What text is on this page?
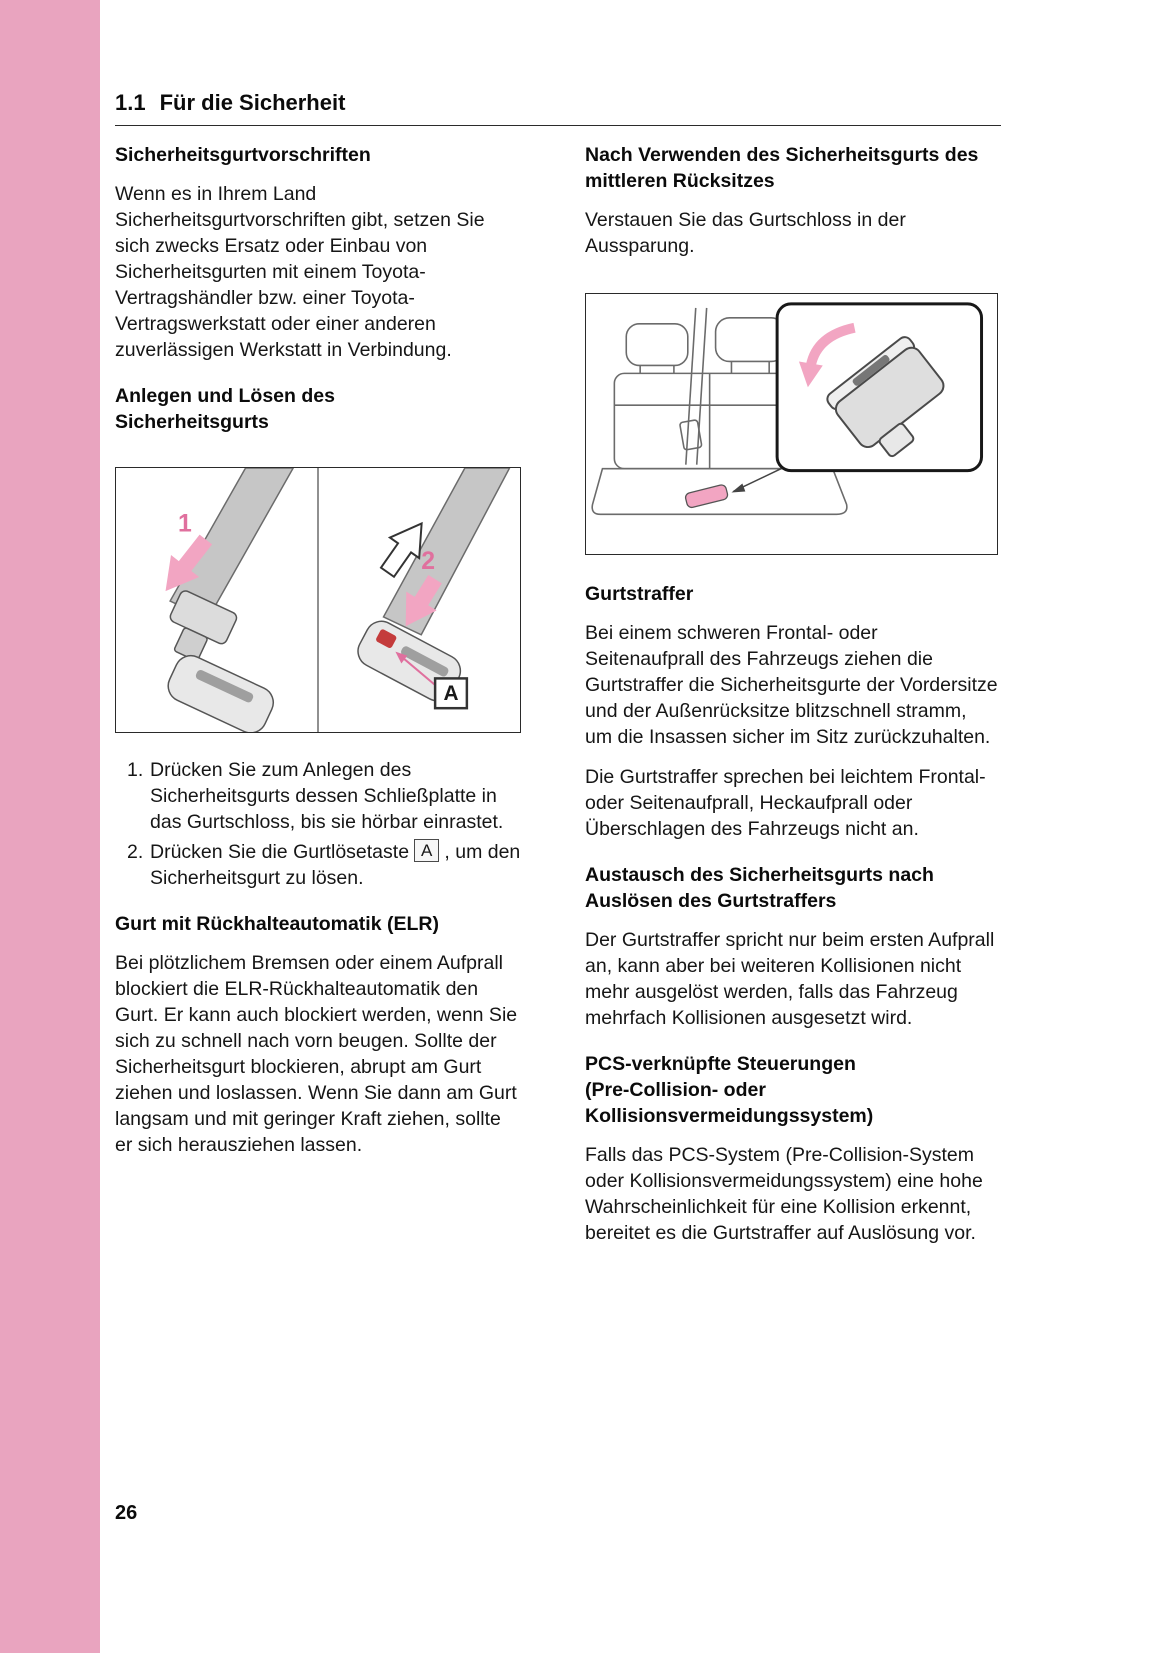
1.1 Für die Sicherheit
Sicherheitsgurtvorschriften

Wenn es in Ihrem Land Sicherheitsgurtvorschriften gibt, setzen Sie sich zwecks Ersatz oder Einbau von Sicherheitsgurten mit einem Toyota-Vertragshändler bzw. einer Toyota-Vertragswerkstatt oder einer anderen zuverlässigen Werkstatt in Verbindung.

Anlegen und Lösen des Sicherheitsgurts
1
2
A
1. Drücken Sie zum Anlegen des Sicherheitsgurts dessen Schließplatte in das Gurtschloss, bis sie hörbar einrastet.
2. Drücken Sie die Gurtlösetaste A , um den Sicherheitsgurt zu lösen.
Gurt mit Rückhalteautomatik (ELR)

Bei plötzlichem Bremsen oder einem Aufprall blockiert die ELR-Rückhalteautomatik den Gurt. Er kann auch blockiert werden, wenn Sie sich zu schnell nach vorn beugen. Sollte der Sicherheitsgurt blockieren, abrupt am Gurt ziehen und loslassen. Wenn Sie dann am Gurt langsam und mit geringer Kraft ziehen, sollte er sich herausziehen lassen.

Nach Verwenden des Sicherheitsgurts des mittleren Rücksitzes

Verstauen Sie das Gurtschloss in der Aussparung.

Gurtstraffer

Bei einem schweren Frontal- oder Seitenaufprall des Fahrzeugs ziehen die Gurtstraffer die Sicherheitsgurte der Vordersitze und der Außenrücksitze blitzschnell stramm, um die Insassen sicher im Sitz zurückzuhalten.

Die Gurtstraffer sprechen bei leichtem Frontal- oder Seitenaufprall, Heckaufprall oder Überschlagen des Fahrzeugs nicht an.

Austausch des Sicherheitsgurts nach Auslösen des Gurtstraffers

Der Gurtstraffer spricht nur beim ersten Aufprall an, kann aber bei weiteren Kollisionen nicht mehr ausgelöst werden, falls das Fahrzeug mehrfach Kollisionen ausgesetzt wird.

PCS-verknüpfte Steuerungen (Pre-Collision- oder Kollisionsvermeidungssystem)

Falls das PCS-System (Pre-Collision-System oder Kollisionsvermeidungssystem) eine hohe Wahrscheinlichkeit für eine Kollision erkennt, bereitet es die Gurtstraffer auf Auslösung vor.

26
